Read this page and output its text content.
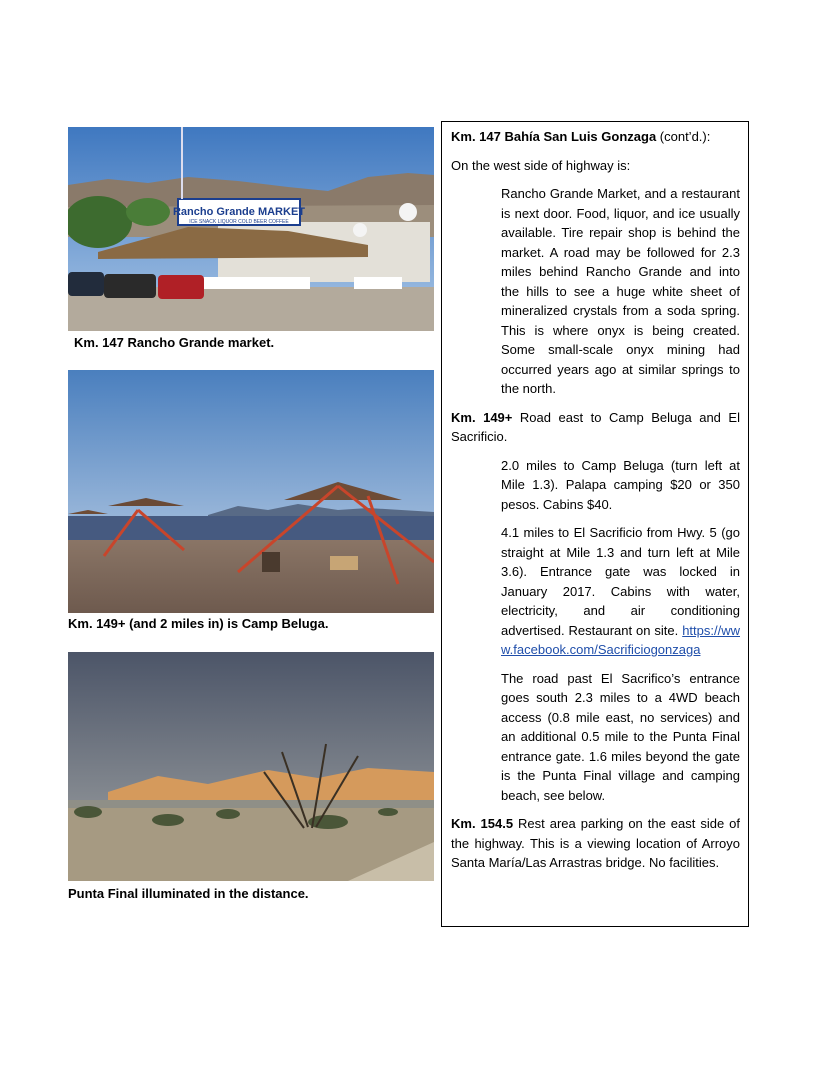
Rancho Grande MARKET
ICE SNACK LIQUOR COLD BEER COFFEE
Km. 147 Rancho Grande market.
Km. 149+ (and 2 miles in) is Camp Beluga.
Punta Final illuminated in the distance.

Km. 147 Bahía San Luis Gonzaga (cont’d.):

On the west side of highway is:

Rancho Grande Market, and a restaurant is next door. Food, liquor, and ice usually available. Tire repair shop is behind the market. A road may be followed for 2.3 miles behind Rancho Grande and into the hills to see a huge white sheet of mineralized crystals from a soda spring. This is where onyx is being created. Some small-scale onyx mining had occurred years ago at similar springs to the north.

Km. 149+ Road east to Camp Beluga and El Sacrificio.

2.0 miles to Camp Beluga (turn left at Mile 1.3). Palapa camping $20 or 350 pesos. Cabins $40.

4.1 miles to El Sacrificio from Hwy. 5 (go straight at Mile 1.3 and turn left at Mile 3.6). Entrance gate was locked in January 2017. Cabins with water, electricity, and air conditioning advertised. Restaurant on site. https://www.facebook.com/Sacrificiogonzaga

The road past El Sacrifico’s entrance goes south 2.3 miles to a 4WD beach access (0.8 mile east, no services) and an additional 0.5 mile to the Punta Final entrance gate. 1.6 miles beyond the gate is the Punta Final village and camping beach, see below.

Km. 154.5 Rest area parking on the east side of the highway. This is a viewing location of Arroyo Santa María/Las Arrastras bridge. No facilities.
